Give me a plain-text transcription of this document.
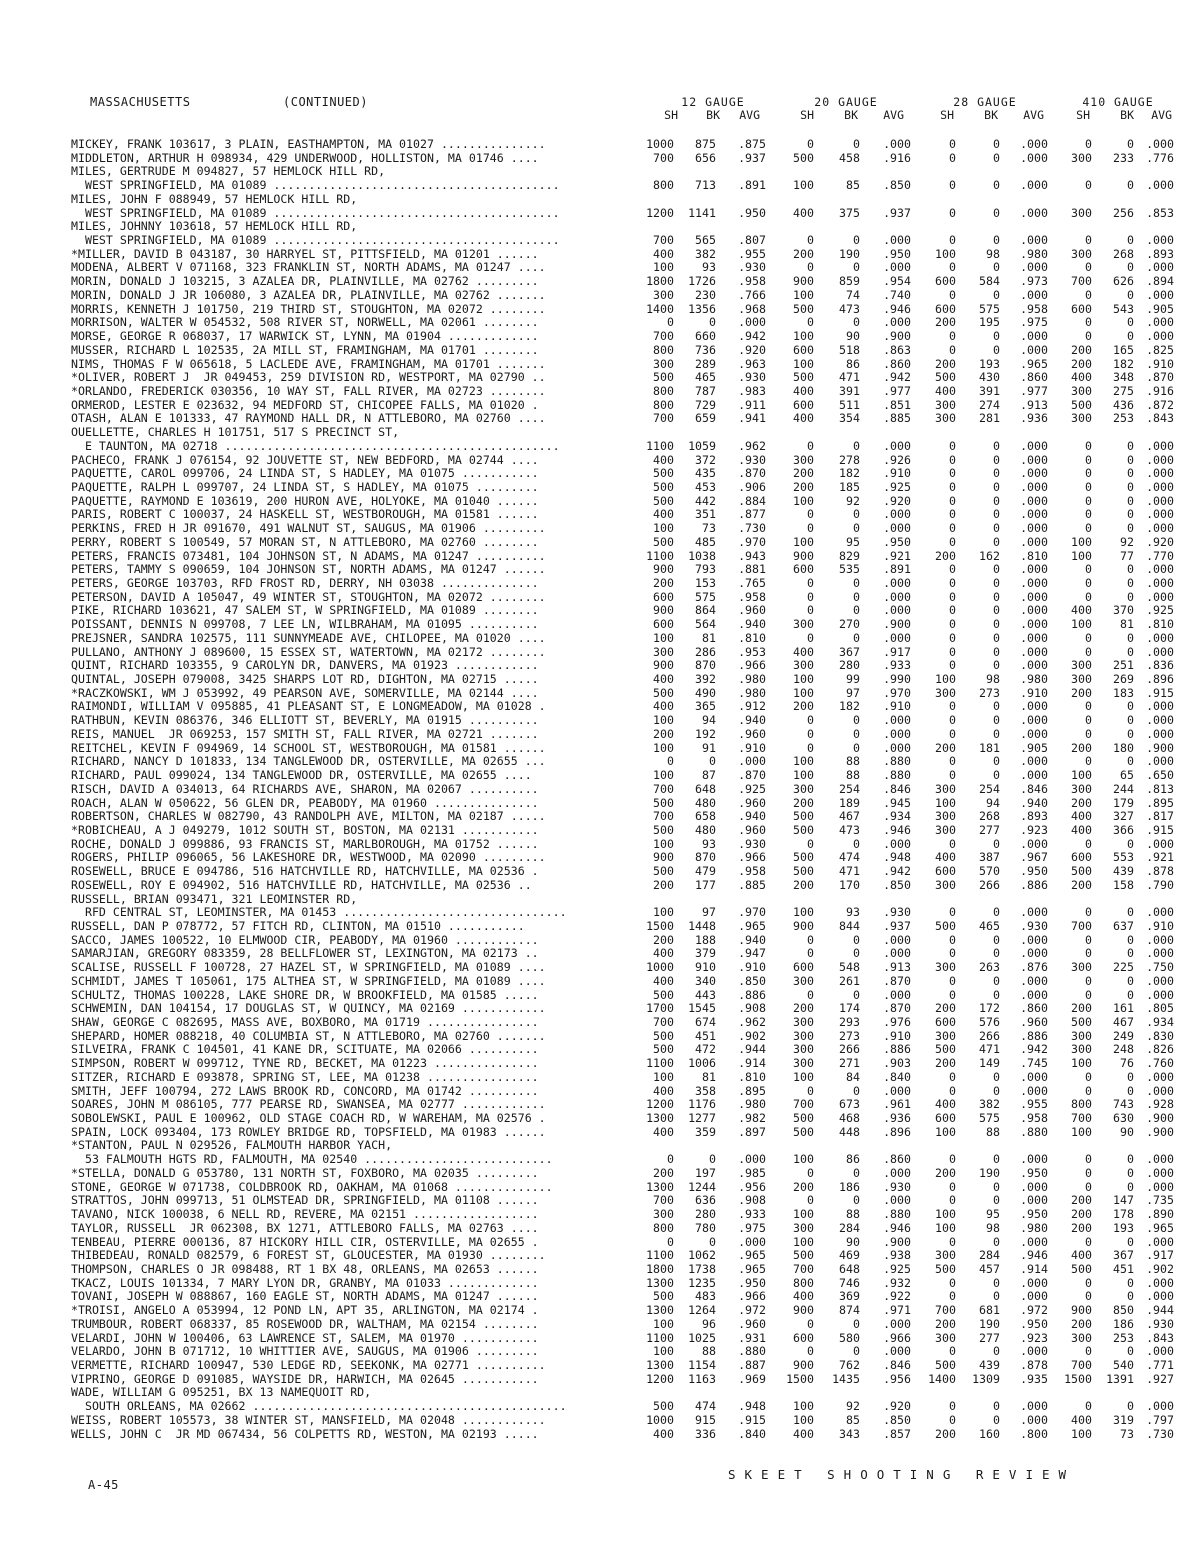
MASSACHUSETTS	(CONTINUED)	12 GAUGE	20 GAUGE	28 GAUGE	410 GAUGE
SH	BK	AVG	SH	BK	AVG	SH	BK	AVG	SH	BK	AVG
MICKEY, FRANK 103617, 3 PLAIN, EASTHAMPTON, MA 01027 ...............	1000	875	.875	0	0	.000	0	0	.000	0	0	.000
MIDDLETON, ARTHUR H 098934, 429 UNDERWOOD, HOLLISTON, MA 01746 ....	700	656	.937	500	458	.916	0	0	.000	300	233	.776
MILES, GERTRUDE M 094827, 57 HEMLOCK HILL RD,
WEST SPRINGFIELD, MA 01089 .........................................	800	713	.891	100	85	.850	0	0	.000	0	0	.000
MILES, JOHN F 088949, 57 HEMLOCK HILL RD,
WEST SPRINGFIELD, MA 01089 .........................................	1200	1141	.950	400	375	.937	0	0	.000	300	256	.853
MILES, JOHNNY 103618, 57 HEMLOCK HILL RD,
WEST SPRINGFIELD, MA 01089 .........................................	700	565	.807	0	0	.000	0	0	.000	0	0	.000
*MILLER, DAVID B 043187, 30 HARRYEL ST, PITTSFIELD, MA 01201 ......	400	382	.955	200	190	.950	100	98	.980	300	268	.893
MODENA, ALBERT V 071168, 323 FRANKLIN ST, NORTH ADAMS, MA 01247 ....	100	93	.930	0	0	.000	0	0	.000	0	0	.000
MORIN, DONALD J 103215, 3 AZALEA DR, PLAINVILLE, MA 02762 .........	1800	1726	.958	900	859	.954	600	584	.973	700	626	.894
MORIN, DONALD J JR 106080, 3 AZALEA DR, PLAINVILLE, MA 02762 .......	300	230	.766	100	74	.740	0	0	.000	0	0	.000
MORRIS, KENNETH J 101750, 219 THIRD ST, STOUGHTON, MA 02072 ........	1400	1356	.968	500	473	.946	600	575	.958	600	543	.905
MORRISON, WALTER W 054532, 508 RIVER ST, NORWELL, MA 02061 ........	0	0	.000	0	0	.000	200	195	.975	0	0	.000
MORSE, GEORGE R 068037, 17 WARWICK ST, LYNN, MA 01904 .............	700	660	.942	100	90	.900	0	0	.000	0	0	.000
MUSSER, RICHARD L 102535, 2A MILL ST, FRAMINGHAM, MA 01701 ........	800	736	.920	600	518	.863	0	0	.000	200	165	.825
NIMS, THOMAS F W 065618, 5 LACLEDE AVE, FRAMINGHAM, MA 01701 .......	300	289	.963	100	86	.860	200	193	.965	200	182	.910
*OLIVER, ROBERT J  JR 049453, 259 DIVISION RD, WESTPORT, MA 02790 ..	500	465	.930	500	471	.942	500	430	.860	400	348	.870
*ORLANDO, FREDERICK 030356, 10 WAY ST, FALL RIVER, MA 02723 ........	800	787	.983	400	391	.977	400	391	.977	300	275	.916
ORMEROD, LESTER E 023632, 94 MEDFORD ST, CHICOPEE FALLS, MA 01020 .	800	729	.911	600	511	.851	300	274	.913	500	436	.872
OTASH, ALAN E 101333, 47 RAYMOND HALL DR, N ATTLEBORO, MA 02760 ....	700	659	.941	400	354	.885	300	281	.936	300	253	.843
OUELLETTE, CHARLES H 101751, 517 S PRECINCT ST,
E TAUNTON, MA 02718 ................................................	1100	1059	.962	0	0	.000	0	0	.000	0	0	.000
PACHECO, FRANK J 076154, 92 JOUVETTE ST, NEW BEDFORD, MA 02744 ....	400	372	.930	300	278	.926	0	0	.000	0	0	.000
PAQUETTE, CAROL 099706, 24 LINDA ST, S HADLEY, MA 01075 ...........	500	435	.870	200	182	.910	0	0	.000	0	0	.000
PAQUETTE, RALPH L 099707, 24 LINDA ST, S HADLEY, MA 01075 .........	500	453	.906	200	185	.925	0	0	.000	0	0	.000
PAQUETTE, RAYMOND E 103619, 200 HURON AVE, HOLYOKE, MA 01040 ......	500	442	.884	100	92	.920	0	0	.000	0	0	.000
PARIS, ROBERT C 100037, 24 HASKELL ST, WESTBOROUGH, MA 01581 ......	400	351	.877	0	0	.000	0	0	.000	0	0	.000
PERKINS, FRED H JR 091670, 491 WALNUT ST, SAUGUS, MA 01906 .........	100	73	.730	0	0	.000	0	0	.000	0	0	.000
PERRY, ROBERT S 100549, 57 MORAN ST, N ATTLEBORO, MA 02760 ........	500	485	.970	100	95	.950	0	0	.000	100	92	.920
PETERS, FRANCIS 073481, 104 JOHNSON ST, N ADAMS, MA 01247 ..........	1100	1038	.943	900	829	.921	200	162	.810	100	77	.770
PETERS, TAMMY S 090659, 104 JOHNSON ST, NORTH ADAMS, MA 01247 ......	900	793	.881	600	535	.891	0	0	.000	0	0	.000
PETERS, GEORGE 103703, RFD FROST RD, DERRY, NH 03038 ..............	200	153	.765	0	0	.000	0	0	.000	0	0	.000
PETERSON, DAVID A 105047, 49 WINTER ST, STOUGHTON, MA 02072 ........	600	575	.958	0	0	.000	0	0	.000	0	0	.000
PIKE, RICHARD 103621, 47 SALEM ST, W SPRINGFIELD, MA 01089 ........	900	864	.960	0	0	.000	0	0	.000	400	370	.925
POISSANT, DENNIS N 099708, 7 LEE LN, WILBRAHAM, MA 01095 ..........	600	564	.940	300	270	.900	0	0	.000	100	81	.810
PREJSNER, SANDRA 102575, 111 SUNNYMEADE AVE, CHILOPEE, MA 01020 ....	100	81	.810	0	0	.000	0	0	.000	0	0	.000
PULLANO, ANTHONY J 089600, 15 ESSEX ST, WATERTOWN, MA 02172 ........	300	286	.953	400	367	.917	0	0	.000	0	0	.000
QUINT, RICHARD 103355, 9 CAROLYN DR, DANVERS, MA 01923 ............	900	870	.966	300	280	.933	0	0	.000	300	251	.836
QUINTAL, JOSEPH 079008, 3425 SHARPS LOT RD, DIGHTON, MA 02715 .....	400	392	.980	100	99	.990	100	98	.980	300	269	.896
*RACZKOWSKI, WM J 053992, 49 PEARSON AVE, SOMERVILLE, MA 02144 ....	500	490	.980	100	97	.970	300	273	.910	200	183	.915
RAIMONDI, WILLIAM V 095885, 41 PLEASANT ST, E LONGMEADOW, MA 01028 .	400	365	.912	200	182	.910	0	0	.000	0	0	.000
RATHBUN, KEVIN 086376, 346 ELLIOTT ST, BEVERLY, MA 01915 ..........	100	94	.940	0	0	.000	0	0	.000	0	0	.000
REIS, MANUEL  JR 069253, 157 SMITH ST, FALL RIVER, MA 02721 .......	200	192	.960	0	0	.000	0	0	.000	0	0	.000
REITCHEL, KEVIN F 094969, 14 SCHOOL ST, WESTBOROUGH, MA 01581 ......	100	91	.910	0	0	.000	200	181	.905	200	180	.900
RICHARD, NANCY D 101833, 134 TANGLEWOOD DR, OSTERVILLE, MA 02655 ...	0	0	.000	100	88	.880	0	0	.000	0	0	.000
RICHARD, PAUL 099024, 134 TANGLEWOOD DR, OSTERVILLE, MA 02655 ....	100	87	.870	100	88	.880	0	0	.000	100	65	.650
RISCH, DAVID A 034013, 64 RICHARDS AVE, SHARON, MA 02067 ..........	700	648	.925	300	254	.846	300	254	.846	300	244	.813
ROACH, ALAN W 050622, 56 GLEN DR, PEABODY, MA 01960 ...............	500	480	.960	200	189	.945	100	94	.940	200	179	.895
ROBERTSON, CHARLES W 082790, 43 RANDOLPH AVE, MILTON, MA 02187 .....	700	658	.940	500	467	.934	300	268	.893	400	327	.817
*ROBICHEAU, A J 049279, 1012 SOUTH ST, BOSTON, MA 02131 ...........	500	480	.960	500	473	.946	300	277	.923	400	366	.915
ROCHE, DONALD J 099886, 93 FRANCIS ST, MARLBOROUGH, MA 01752 ......	100	93	.930	0	0	.000	0	0	.000	0	0	.000
ROGERS, PHILIP 096065, 56 LAKESHORE DR, WESTWOOD, MA 02090 .........	900	870	.966	500	474	.948	400	387	.967	600	553	.921
ROSEWELL, BRUCE E 094786, 516 HATCHVILLE RD, HATCHVILLE, MA 02536 .	500	479	.958	500	471	.942	600	570	.950	500	439	.878
ROSEWELL, ROY E 094902, 516 HATCHVILLE RD, HATCHVILLE, MA 02536 ..	200	177	.885	200	170	.850	300	266	.886	200	158	.790
RUSSELL, BRIAN 093471, 321 LEOMINSTER RD,
RFD CENTRAL ST, LEOMINSTER, MA 01453 ................................	100	97	.970	100	93	.930	0	0	.000	0	0	.000
RUSSELL, DAN P 078772, 57 FITCH RD, CLINTON, MA 01510 ...........	1500	1448	.965	900	844	.937	500	465	.930	700	637	.910
SACCO, JAMES 100522, 10 ELMWOOD CIR, PEABODY, MA 01960 ............	200	188	.940	0	0	.000	0	0	.000	0	0	.000
SAMARJIAN, GREGORY 083359, 28 BELLFLOWER ST, LEXINGTON, MA 02173 ..	400	379	.947	0	0	.000	0	0	.000	0	0	.000
SCALISE, RUSSELL F 100728, 27 HAZEL ST, W SPRINGFIELD, MA 01089 ....	1000	910	.910	600	548	.913	300	263	.876	300	225	.750
SCHMIDT, JAMES T 105061, 175 ALTHEA ST, W SPRINGFIELD, MA 01089 ....	400	340	.850	300	261	.870	0	0	.000	0	0	.000
SCHULTZ, THOMAS 100228, LAKE SHORE DR, W BROOKFIELD, MA 01585 .....	500	443	.886	0	0	.000	0	0	.000	0	0	.000
SCHWEMIN, DAN 104154, 17 DOUGLAS ST, W QUINCY, MA 02169 ............	1700	1545	.908	200	174	.870	200	172	.860	200	161	.805
SHAW, GEORGE C 082695, MASS AVE, BOXBORO, MA 01719 ................	700	674	.962	300	293	.976	600	576	.960	500	467	.934
SHEPARD, HOMER 088218, 40 COLUMBIA ST, N ATTLEBORO, MA 02760 .......	500	451	.902	300	273	.910	300	266	.886	300	249	.830
SILVEIRA, FRANK C 104501, 41 KANE DR, SCITUATE, MA 02066 ..........	500	472	.944	300	266	.886	500	471	.942	300	248	.826
SIMPSON, ROBERT W 099712, TYNE RD, BECKET, MA 01223 ...............	1100	1006	.914	300	271	.903	200	149	.745	100	76	.760
SITZER, RICHARD E 093878, SPRING ST, LEE, MA 01238 ................	100	81	.810	100	84	.840	0	0	.000	0	0	.000
SMITH, JEFF 100794, 272 LAWS BROOK RD, CONCORD, MA 01742 ..........	400	358	.895	0	0	.000	0	0	.000	0	0	.000
SOARES, JOHN M 086105, 777 PEARSE RD, SWANSEA, MA 02777 ............	1200	1176	.980	700	673	.961	400	382	.955	800	743	.928
SOBOLEWSKI, PAUL E 100962, OLD STAGE COACH RD, W WAREHAM, MA 02576 .	1300	1277	.982	500	468	.936	600	575	.958	700	630	.900
SPAIN, LOCK 093404, 173 ROWLEY BRIDGE RD, TOPSFIELD, MA 01983 ......	400	359	.897	500	448	.896	100	88	.880	100	90	.900
*STANTON, PAUL N 029526, FALMOUTH HARBOR YACH,
53 FALMOUTH HGTS RD, FALMOUTH, MA 02540 ...........................	0	0	.000	100	86	.860	0	0	.000	0	0	.000
*STELLA, DONALD G 053780, 131 NORTH ST, FOXBORO, MA 02035 .........	200	197	.985	0	0	.000	200	190	.950	0	0	.000
STONE, GEORGE W 071738, COLDBROOK RD, OAKHAM, MA 01068 ..............	1300	1244	.956	200	186	.930	0	0	.000	0	0	.000
STRATTOS, JOHN 099713, 51 OLMSTEAD DR, SPRINGFIELD, MA 01108 ......	700	636	.908	0	0	.000	0	0	.000	200	147	.735
TAVANO, NICK 100038, 6 NELL RD, REVERE, MA 02151 ..................	300	280	.933	100	88	.880	100	95	.950	200	178	.890
TAYLOR, RUSSELL  JR 062308, BX 1271, ATTLEBORO FALLS, MA 02763 ....	800	780	.975	300	284	.946	100	98	.980	200	193	.965
TENBEAU, PIERRE 000136, 87 HICKORY HILL CIR, OSTERVILLE, MA 02655 .	0	0	.000	100	90	.900	0	0	.000	0	0	.000
THIBEDEAU, RONALD 082579, 6 FOREST ST, GLOUCESTER, MA 01930 ........	1100	1062	.965	500	469	.938	300	284	.946	400	367	.917
THOMPSON, CHARLES O JR 098488, RT 1 BX 48, ORLEANS, MA 02653 ......	1800	1738	.965	700	648	.925	500	457	.914	500	451	.902
TKACZ, LOUIS 101334, 7 MARY LYON DR, GRANBY, MA 01033 .............	1300	1235	.950	800	746	.932	0	0	.000	0	0	.000
TOVANI, JOSEPH W 088867, 160 EAGLE ST, NORTH ADAMS, MA 01247 ......	500	483	.966	400	369	.922	0	0	.000	0	0	.000
*TROISI, ANGELO A 053994, 12 POND LN, APT 35, ARLINGTON, MA 02174 .	1300	1264	.972	900	874	.971	700	681	.972	900	850	.944
TRUMBOUR, ROBERT 068337, 85 ROSEWOOD DR, WALTHAM, MA 02154 ........	100	96	.960	0	0	.000	200	190	.950	200	186	.930
VELARDI, JOHN W 100406, 63 LAWRENCE ST, SALEM, MA 01970 ...........	1100	1025	.931	600	580	.966	300	277	.923	300	253	.843
VELARDO, JOHN B 071712, 10 WHITTIER AVE, SAUGUS, MA 01906 .........	100	88	.880	0	0	.000	0	0	.000	0	0	.000
VERMETTE, RICHARD 100947, 530 LEDGE RD, SEEKONK, MA 02771 ..........	1300	1154	.887	900	762	.846	500	439	.878	700	540	.771
VIPRINO, GEORGE D 091085, WAYSIDE DR, HARWICH, MA 02645 ...........	1200	1163	.969	1500	1435	.956	1400	1309	.935	1500	1391	.927
WADE, WILLIAM G 095251, BX 13 NAMEQUOIT RD,
SOUTH ORLEANS, MA 02662 .............................................	500	474	.948	100	92	.920	0	0	.000	0	0	.000
WEISS, ROBERT 105573, 38 WINTER ST, MANSFIELD, MA 02048 ............	1000	915	.915	100	85	.850	0	0	.000	400	319	.797
WELLS, JOHN C  JR MD 067434, 56 COLPETTS RD, WESTON, MA 02193 .....	400	336	.840	400	343	.857	200	160	.800	100	73	.730
A-45
SKEET SHOOTING REVIEW
